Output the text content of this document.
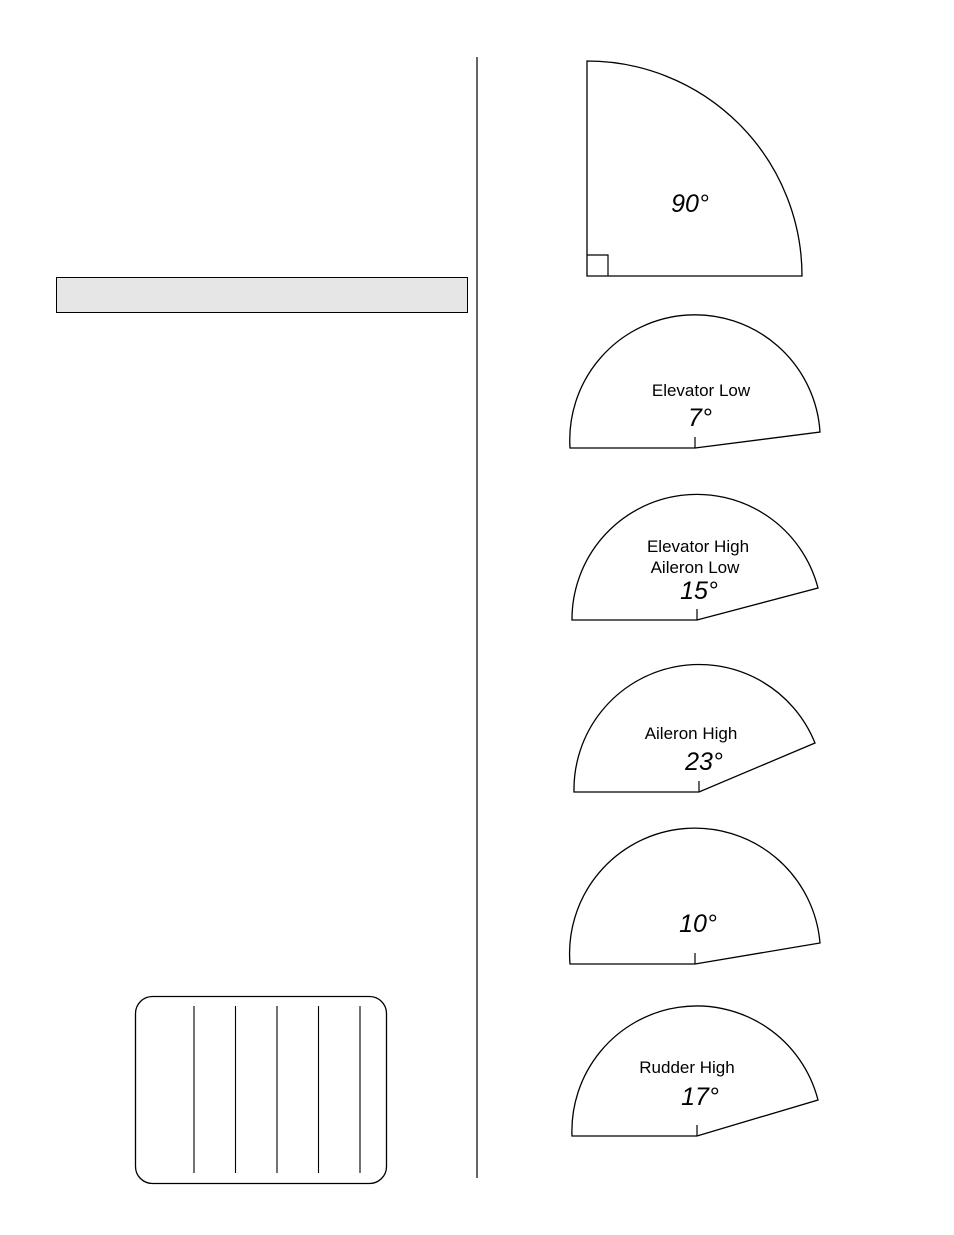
90°
Elevator Low
7°
Elevator High
Aileron Low
15°
Aileron High
23°
10°
Rudder High
17°
